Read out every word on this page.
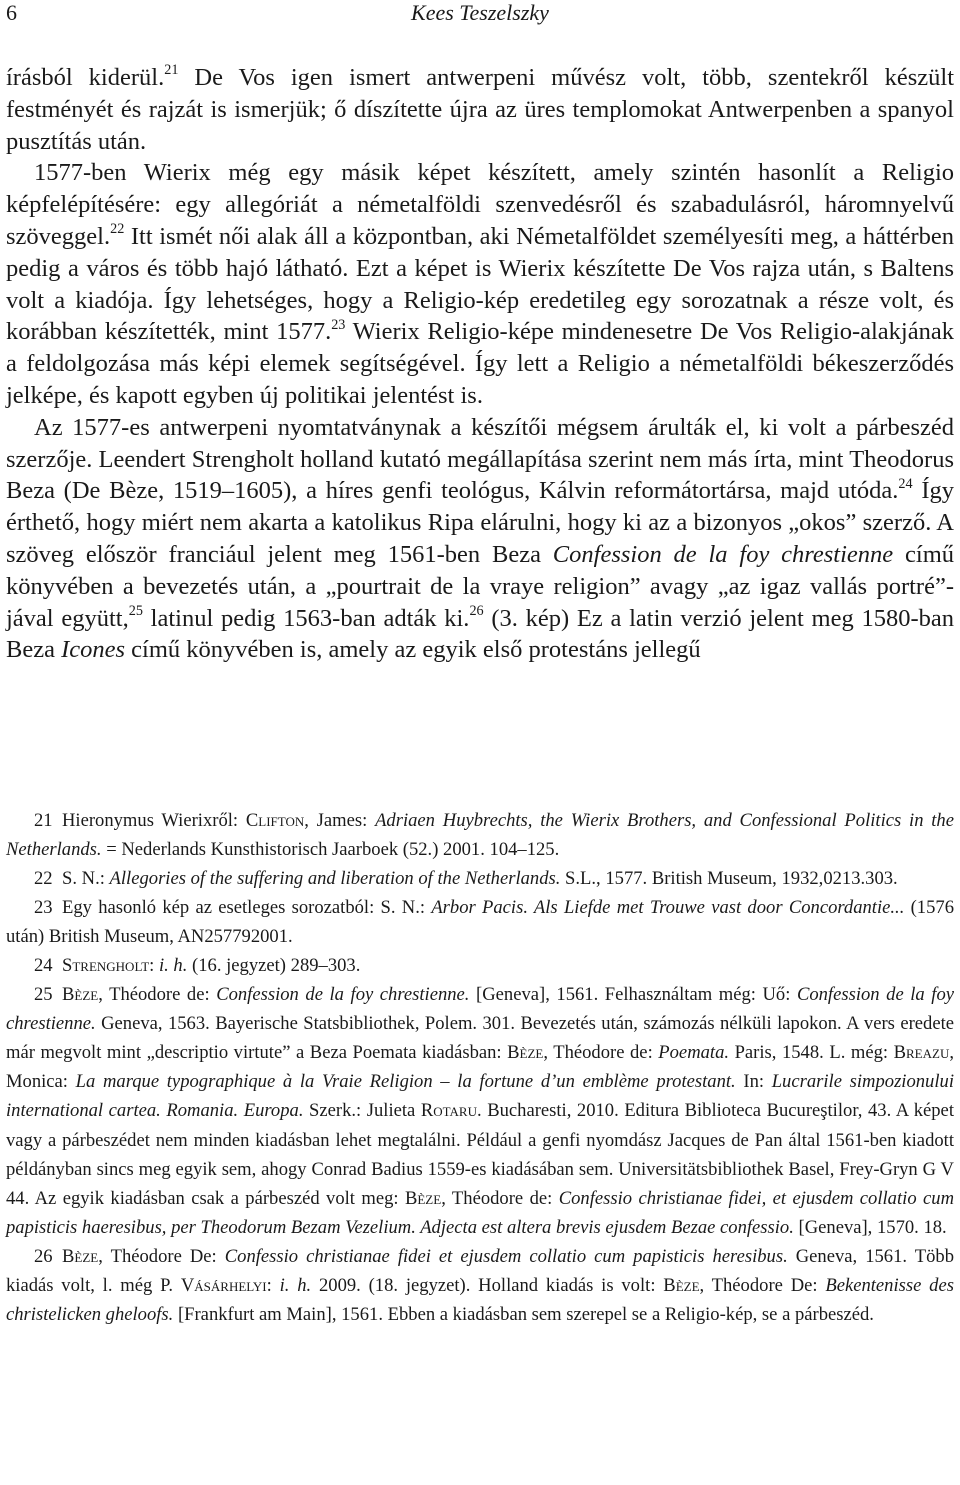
6	Kees Teszelszky

írásból kiderül.$^{21}$ De Vos igen ismert antwerpeni művész volt, több, szentekről készült festményét és rajzát is ismerjük; ő díszítette újra az üres templomokat Antwerpenben a spanyol pusztítás után.

1577-ben Wierix még egy másik képet készített, amely szintén hasonlít a Religio képfelépítésére: egy allegóriát a németalföldi szenvedésről és szabadulásról, háromnyelvű szöveggel.$^{22}$ Itt ismét női alak áll a központban, aki Németalföldet személyesíti meg, a háttérben pedig a város és több hajó látható. Ezt a képet is Wierix készítette De Vos rajza után, s Baltens volt a kiadója. Így lehetséges, hogy a Religio-kép eredetileg egy sorozatnak a része volt, és korábban készítették, mint 1577.23 Wierix Religio-képe mindenesetre De Vos Religio-alakjának a feldolgozása más képi elemek segítségével. Így lett a Religio a németalföldi békeszerződés jelképe, és kapott egyben új politikai jelentést is.

Az 1577-es antwerpeni nyomtatványnak a készítői mégsem árulták el, ki volt a párbeszéd szerzője. Leendert Strengholt holland kutató megállapítása szerint nem más írta, mint Theodorus Beza (De Bèze, 1519–1605), a híres genfi teológus, Kálvin reformátortársa, majd utóda.$^{24}$ Így érthető, hogy miért nem akarta a katolikus Ripa elárulni, hogy ki az a bizonyos „okos” szerző. A szöveg először franciául jelent meg 1561-ben Beza Confession de la foy chrestienne című könyvében a bevezetés után, a „pourtrait de la vraye religion” avagy „az igaz vallás portré”-jával együtt,$^{25}$ latinul pedig 1563-ban adták ki.$^{26}$ (3. kép) Ez a latin verzió jelent meg 1580-ban Beza Icones című könyvében is, amely az egyik első protestáns jellegű

21 Hieronymus Wierixről: Clifton, James: Adriaen Huybrechts, the Wierix Brothers, and Confessional Politics in the Netherlands. = Nederlands Kunsthistorisch Jaarboek (52.) 2001. 104–125.

22 S. N.: Allegories of the suffering and liberation of the Netherlands. S.L., 1577. British Museum, 1932,0213.303.

23 Egy hasonló kép az esetleges sorozatból: S. N.: Arbor Pacis. Als Liefde met Trouwe vast door Concordantie... (1576 után) British Museum, AN257792001.

24 Strengholt: i. h. (16. jegyzet) 289–303.

25 Bèze, Théodore de: Confession de la foy chrestienne. [Geneva], 1561. Felhasználtam még: Uő: Confession de la foy chrestienne. Geneva, 1563. Bayerische Statsbibliothek, Polem. 301. Bevezetés után, számozás nélküli lapokon. A vers eredete már megvolt mint „descriptio virtute” a Beza Poemata kiadásban: Bèze, Théodore de: Poemata. Paris, 1548. L. még: Breazu, Monica: La marque typographique à la Vraie Religion – la fortune d’un emblème protestant. In: Lucrarile simpozionului international cartea. Romania. Europa. Szerk.: Julieta Rotaru. Bucharesti, 2010. Editura Biblioteca Bucureştilor, 43. A képet vagy a párbeszédet nem minden kiadásban lehet megtalálni. Például a genfi nyomdász Jacques de Pan által 1561-ben kiadott példányban sincs meg egyik sem, ahogy Conrad Badius 1559-es kiadásában sem. Universitätsbibliothek Basel, Frey-Gryn G V 44. Az egyik kiadásban csak a párbeszéd volt meg: Bèze, Théodore de: Confessio christianae fidei, et ejusdem collatio cum papisticis haeresibus, per Theodorum Bezam Vezelium. Adjecta est altera brevis ejusdem Bezae confessio. [Geneva], 1570. 18.

26 Bèze, Théodore De: Confessio christianae fidei et ejusdem collatio cum papisticis heresibus. Geneva, 1561. Több kiadás volt, l. még P. Vásárhelyi: i. h. 2009. (18. jegyzet). Holland kiadás is volt: Bèze, Théodore De: Bekentenisse des christelicken gheloofs. [Frankfurt am Main], 1561. Ebben a kiadásban sem szerepel se a Religio-kép, se a párbeszéd.
